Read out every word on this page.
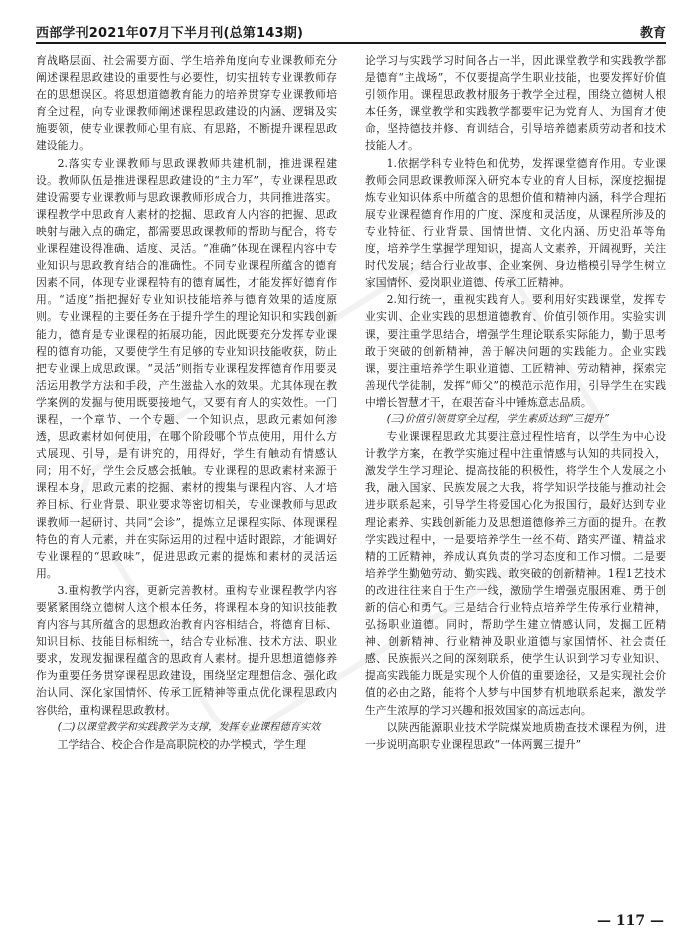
西部学刊2021年07月下半月刊(总第143期)	教育

育战略层面、社会需要方面、学生培养角度向专业课教师充分阐述课程思政建设的重要性与必要性，切实扭转专业课教师存在的思想误区。将思想道德教育能力的培养贯穿专业课教师培育全过程，向专业课教师阐述课程思政建设的内涵、逻辑及实施要领，使专业课教师心里有底、有思路，不断提升课程思政建设能力。

2.落实专业课教师与思政课教师共建机制，推进课程建设。教师队伍是推进课程思政建设的“主力军”，专业课程思政建设需要专业课教师与思政课教师形成合力，共同推进落实。课程教学中思政育人素材的挖掘、思政育人内容的把握、思政映射与融入点的确定，都需要思政课教师的帮助与配合，将专业课程建设得准确、适度、灵活。“准确”体现在课程内容中专业知识与思政教育结合的准确性。不同专业课程所蕴含的德育因素不同，体现专业课程特有的德育属性，才能发挥好德育作用。“适度”指把握好专业知识技能培养与德育效果的适度原则。专业课程的主要任务在于提升学生的理论知识和实践创新能力，德育是专业课程的拓展功能，因此既要充分发挥专业课程的德育功能，又要使学生有足够的专业知识技能收获，防止把专业课上成思政课。“灵活”则指专业课程发挥德育作用要灵活运用教学方法和手段，产生滋盐入水的效果。尤其体现在教学案例的发掘与使用既要接地气，又要有育人的实效性。一门课程，一个章节、一个专题、一个知识点，思政元素如何渗透，思政素材如何使用，在哪个阶段哪个节点使用，用什么方式展现、引导，是有讲究的，用得好，学生有触动有情感认同；用不好，学生会反感会抵触。专业课程的思政素材来源于课程本身，思政元素的挖掘、素材的搜集与课程内容、人才培养目标、行业背景、职业要求等密切相关，专业课教师与思政课教师一起研讨、共同“会诊”，提炼立足课程实际、体现课程特色的育人元素，并在实际运用的过程中适时跟踪，才能调好专业课程的“思政味”，促进思政元素的提炼和素材的灵活运用。

3.重构教学内容，更新完善教材。重构专业课程教学内容要紧紧围绕立德树人这个根本任务，将课程本身的知识技能教育内容与其所蕴含的思想政治教育内容相结合，将德育目标、知识目标、技能目标相统一，结合专业标准、技术方法、职业要求，发现发掘课程蕴含的思政育人素材。提升思想道德修养作为重要任务贯穿课程思政建设，围绕坚定理想信念、强化政治认同、深化家国情怀、传承工匠精神等重点优化课程思政内容供给，重构课程思政教材。

(二)以课堂教学和实践教学为支撑，发挥专业课程德育实效

工学结合、校企合作是高职院校的办学模式，学生理

论学习与实践学习时间各占一半，因此课堂教学和实践教学都是德育“主战场”，不仅要提高学生职业技能，也要发挥好价值引领作用。课程思政教材服务于教学全过程，围绕立德树人根本任务，课堂教学和实践教学都要牢记为党育人、为国育才使命，坚持德技并修、育训结合，引导培养德素质劳动者和技术技能人才。

1.依据学科专业特色和优势，发挥课堂德育作用。专业课教师会同思政课教师深入研究本专业的育人目标，深度挖掘提炼专业知识体系中所蕴含的思想价值和精神内涵，科学合理拓展专业课程德育作用的广度、深度和灵活度，从课程所涉及的专业特征、行业背景、国情世情、文化内涵、历史沿革等角度，培养学生掌握学理知识，提高人文素养，开阔视野，关注时代发展；结合行业故事、企业案例、身边楷模引导学生树立家国情怀、爱岗职业道德、传承工匠精神。

2.知行统一，重视实践育人。要利用好实践课堂，发挥专业实训、企业实践的思想道德教育、价值引领作用。实验实训课，要注重学思结合，增强学生理论联系实际能力，勤于思考敢于突破的创新精神，善于解决问题的实践能力。企业实践课，要注重培养学生职业道德、工匠精神、劳动精神，探索完善现代学徒制，发挥“师父”的模范示范作用，引导学生在实践中增长智慧才干，在艰苦奋斗中锤炼意志品质。

(三)价值引领贯穿全过程，学生素质达到“三提升”

专业课课程思政尤其要注意过程性培育，以学生为中心设计教学方案，在教学实施过程中注重情感与认知的共同投入，激发学生学习理论、提高技能的积极性，将学生个人发展之小我，融入国家、民族发展之大我，将学知识学技能与推动社会进步联系起来，引导学生将爱国心化为报国行，最好达到专业理论素养、实践创新能力及思想道德修养三方面的提升。在教学实践过程中，一是要培养学生一丝不苟、踏实严谨、精益求精的工匠精神，养成认真负责的学习态度和工作习惯。二是要培养学生勤勉劳动、勤实践、敢突破的创新精神。1程1艺技术的改进往往来自于生产一线，激励学生增强克服困难、勇于创新的信心和勇气。三是结合行业特点培养学生传承行业精神，弘扬职业道德。同时，帮助学生建立情感认同，发掘工匠精神、创新精神、行业精神及职业道德与家国情怀、社会责任感、民族振兴之间的深刻联系，使学生认识到学习专业知识、提高实践能力既是实现个人价值的重要途径，又是实现社会价值的必由之路，能将个人梦与中国梦有机地联系起来，激发学生产生浓厚的学习兴趣和报效国家的高远志向。

以陕西能源职业技术学院煤炭地质勘查技术课程为例，进一步说明高职专业课程思政“一体两翼三提升”

— 117 —
